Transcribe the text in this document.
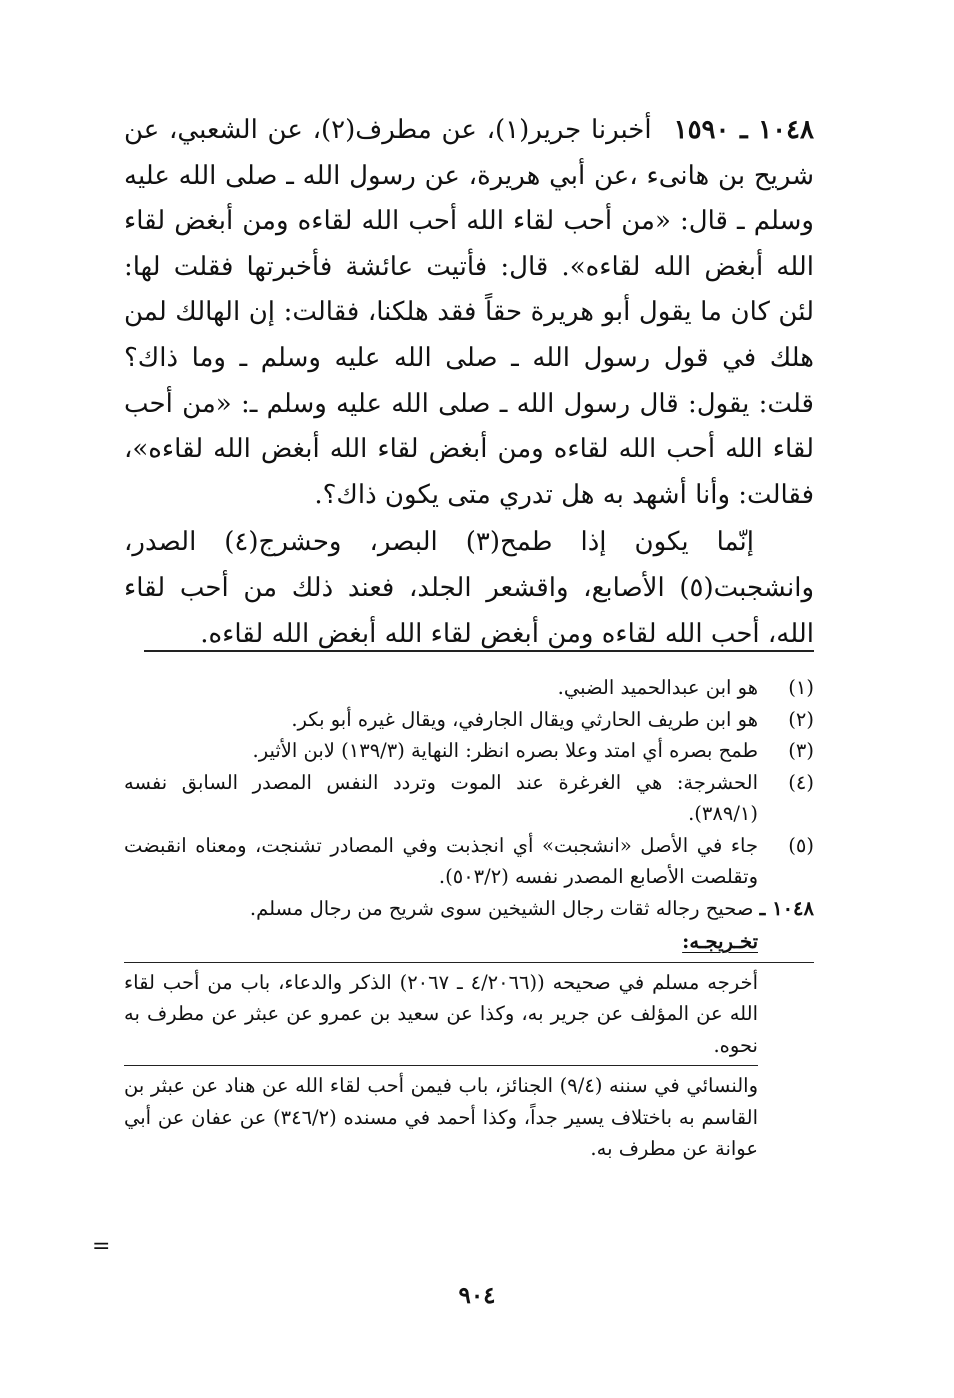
١٠٤٨ ـ ١٥٩٠أخبرنا جرير(١)، عن مطرف(٢)، عن الشعبي، عن شريح بن هانىء ،عن أبي هريرة، عن رسول الله ـ صلى الله عليه وسلم ـ قال: «من أحب لقاء الله أحب الله لقاءه ومن أبغض لقاء الله أبغض الله لقاءه». قال: فأتيت عائشة فأخبرتها فقلت لها: لئن كان ما يقول أبو هريرة حقاً فقد هلكنا، فقالت: إن الهالك لمن هلك في قول رسول الله ـ صلى الله عليه وسلم ـ وما ذاك؟ قلت: يقول: قال رسول الله ـ صلى الله عليه وسلم ـ: «من أحب لقاء الله أحب الله لقاءه ومن أبغض لقاء الله أبغض الله لقاءه»، فقالت: وأنا أشهد به هل تدري متى يكون ذاك؟.

إنّما يكون إذا طمح(٣) البصر، وحشرج(٤) الصدر، وانشجبت(٥) الأصابع، واقشعر الجلد، فعند ذلك من أحب لقاء الله، أحب الله لقاءه ومن أبغض لقاء الله أبغض الله لقاءه.

(١)
هو ابن عبدالحميد الضبي.
(٢)
هو ابن طريف الحارثي ويقال الجارفي، ويقال غيره أبو بكر.
(٣)
طمح بصره أي امتد وعلا بصره انظر: النهاية (١٣٩/٣) لابن الأثير.
(٤)
الحشرجة: هي الغرغرة عند الموت وتردد النفس المصدر السابق نفسه (٣٨٩/١).
(٥)
جاء في الأصل «انشجبت» أي انجذبت وفي المصادر تشنجت، ومعناه انقبضت وتقلصت الأصابع المصدر نفسه (٥٠٣/٢).
١٠٤٨ ـ

صحيح رجاله ثقات رجال الشيخين سوى شريح من رجال مسلم.
تخـريجـه:

أخرجه مسلم في صحيحه ((٤/٢٠٦٦ ـ ٢٠٦٧) الذكر والدعاء، باب من أحب لقاء الله عن المؤلف عن جرير به، وكذا عن سعيد بن عمرو عن عبثر عن مطرف به نحوه.

والنسائي في سننه (٩/٤) الجنائز، باب فيمن أحب لقاء الله عن هناد عن عبثر بن القاسم به باختلاف يسير جداً، وكذا أحمد في مسنده (٣٤٦/٢) عن عفان عن أبي عوانة عن مطرف به.

=
٩٠٤
